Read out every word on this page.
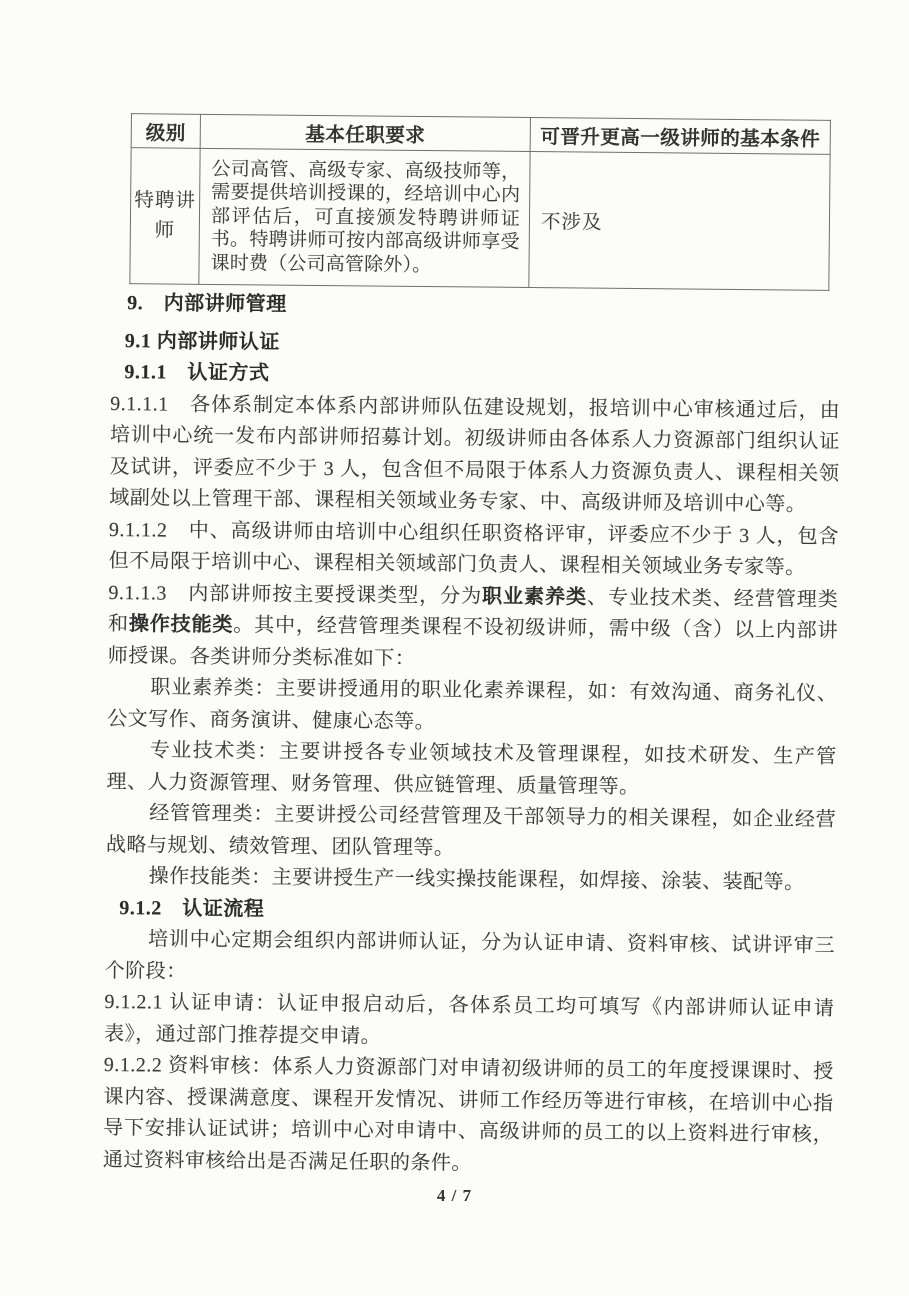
级别	基本任职要求	可晋升更高一级讲师的基本条件
特聘讲师	公司高管、高级专家、高级技师等，需要提供培训授课的，经培训中心内部评估后，可直接颁发特聘讲师证书。特聘讲师可按内部高级讲师享受课时费（公司高管除外）。	不涉及
9.　内部讲师管理
9.1 内部讲师认证
9.1.1　认证方式
9.1.1.1　各体系制定本体系内部讲师队伍建设规划，报培训中心审核通过后，由培训中心统一发布内部讲师招募计划。初级讲师由各体系人力资源部门组织认证及试讲，评委应不少于 3 人，包含但不局限于体系人力资源负责人、课程相关领域副处以上管理干部、课程相关领域业务专家、中、高级讲师及培训中心等。
9.1.1.2　中、高级讲师由培训中心组织任职资格评审，评委应不少于 3 人，包含但不局限于培训中心、课程相关领域部门负责人、课程相关领域业务专家等。
9.1.1.3　内部讲师按主要授课类型，分为职业素养类、专业技术类、经营管理类和操作技能类。其中，经营管理类课程不设初级讲师，需中级（含）以上内部讲师授课。各类讲师分类标准如下：
职业素养类：主要讲授通用的职业化素养课程，如：有效沟通、商务礼仪、公文写作、商务演讲、健康心态等。
专业技术类：主要讲授各专业领域技术及管理课程，如技术研发、生产管理、人力资源管理、财务管理、供应链管理、质量管理等。
经管管理类：主要讲授公司经营管理及干部领导力的相关课程，如企业经营战略与规划、绩效管理、团队管理等。
操作技能类：主要讲授生产一线实操技能课程，如焊接、涂装、装配等。
9.1.2　认证流程
培训中心定期会组织内部讲师认证，分为认证申请、资料审核、试讲评审三个阶段：
9.1.2.1 认证申请：认证申报启动后，各体系员工均可填写《内部讲师认证申请表》，通过部门推荐提交申请。
9.1.2.2 资料审核：体系人力资源部门对申请初级讲师的员工的年度授课课时、授课内容、授课满意度、课程开发情况、讲师工作经历等进行审核，在培训中心指导下安排认证试讲；培训中心对申请中、高级讲师的员工的以上资料进行审核，通过资料审核给出是否满足任职的条件。
4 / 7
